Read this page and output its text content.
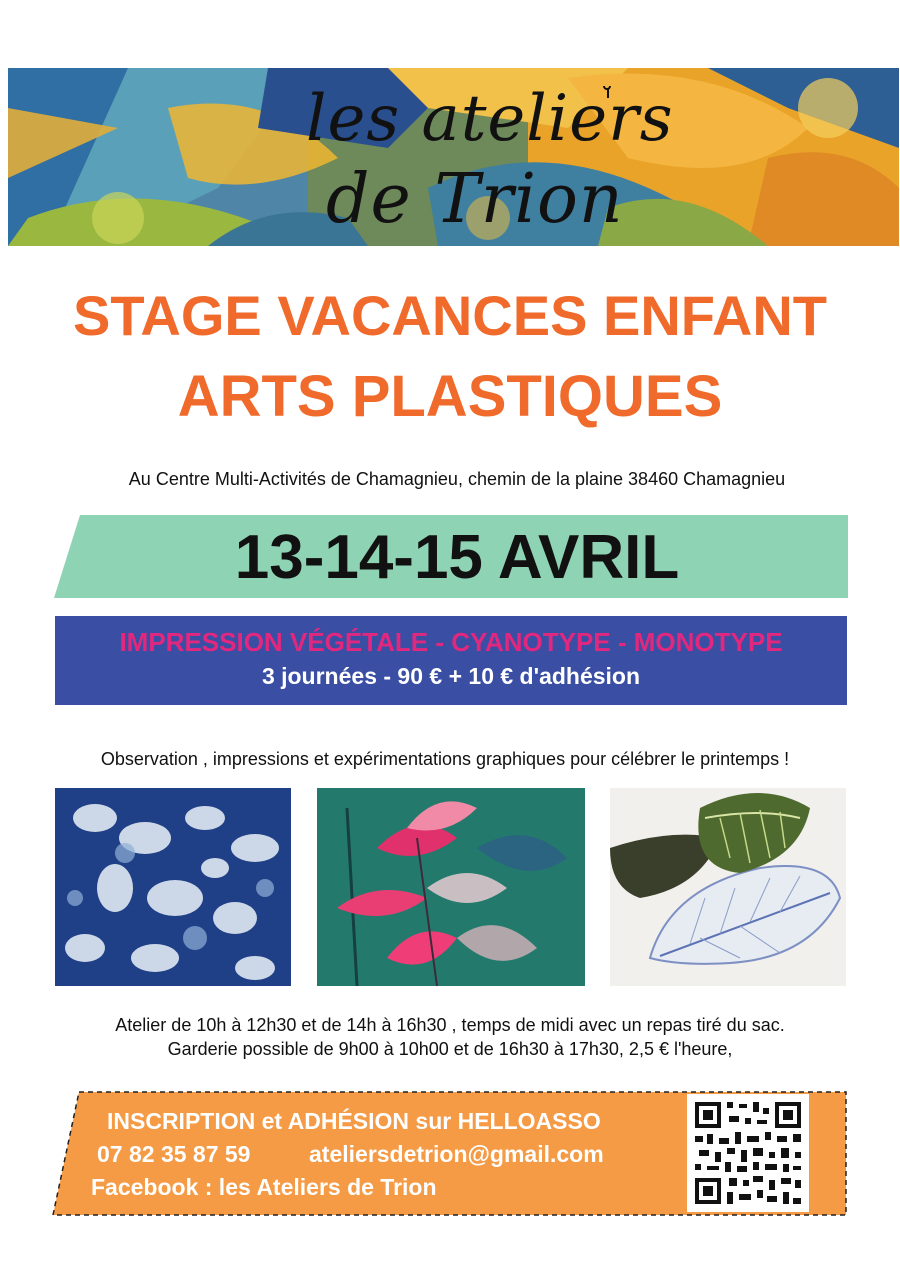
les ateliers
de Trion
STAGE VACANCES ENFANT
ARTS PLASTIQUES
Au Centre Multi-Activités de Chamagnieu, chemin de la plaine 38460 Chamagnieu
13-14-15 AVRIL
IMPRESSION VÉGÉTALE - CYANOTYPE - MONOTYPE
3 journées - 90 € + 10 € d'adhésion
Observation , impressions et expérimentations graphiques pour célébrer le printemps !
Atelier de 10h à 12h30 et de 14h à 16h30 , temps de midi avec un repas tiré du sac.
Garderie possible de 9h00 à 10h00 et de 16h30 à 17h30, 2,5 € l'heure,
INSCRIPTION et ADHÉSION sur HELLOASSO
07 82 35 87 59	ateliersdetrion@gmail.com
Facebook : les Ateliers de Trion
